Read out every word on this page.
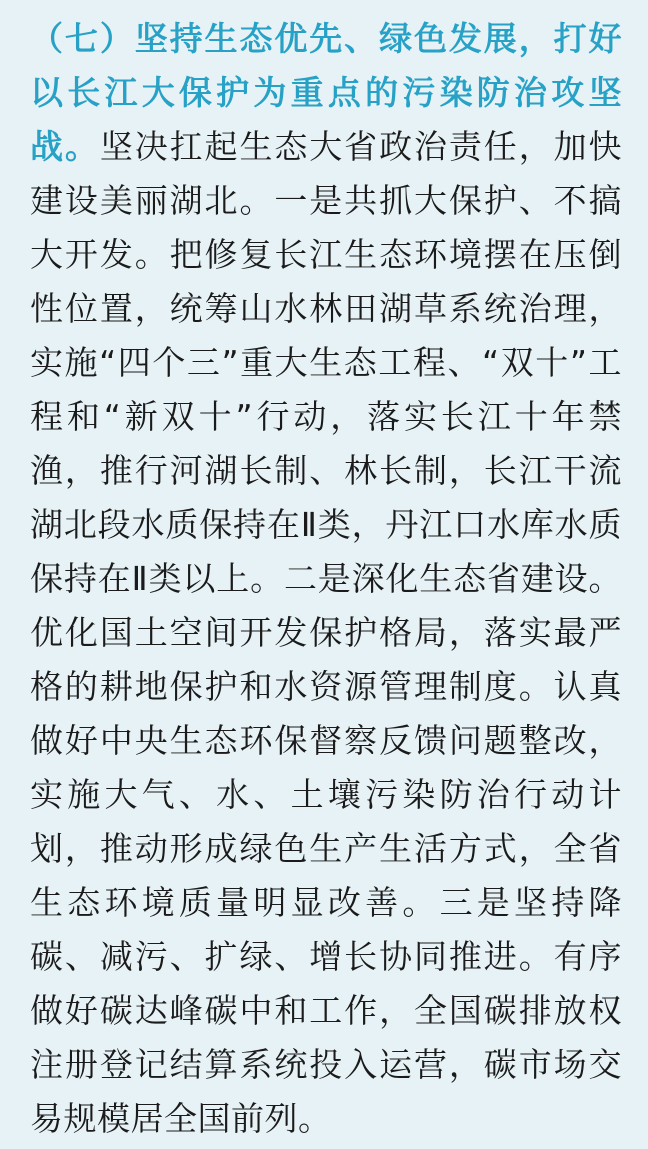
（七）坚持生态优先、绿色发展，打好以长江大保护为重点的污染防治攻坚战。坚决扛起生态大省政治责任，加快建设美丽湖北。一是共抓大保护、不搞大开发。把修复长江生态环境摆在压倒性位置，统筹山水林田湖草系统治理，实施“四个三”重大生态工程、“双十”工程和“新双十”行动，落实长江十年禁渔，推行河湖长制、林长制，长江干流湖北段水质保持在Ⅱ类，丹江口水库水质保持在Ⅱ类以上。二是深化生态省建设。优化国土空间开发保护格局，落实最严格的耕地保护和水资源管理制度。认真做好中央生态环保督察反馈问题整改，实施大气、水、土壤污染防治行动计划，推动形成绿色生产生活方式，全省生态环境质量明显改善。三是坚持降碳、减污、扩绿、增长协同推进。有序做好碳达峰碳中和工作，全国碳排放权注册登记结算系统投入运营，碳市场交易规模居全国前列。
